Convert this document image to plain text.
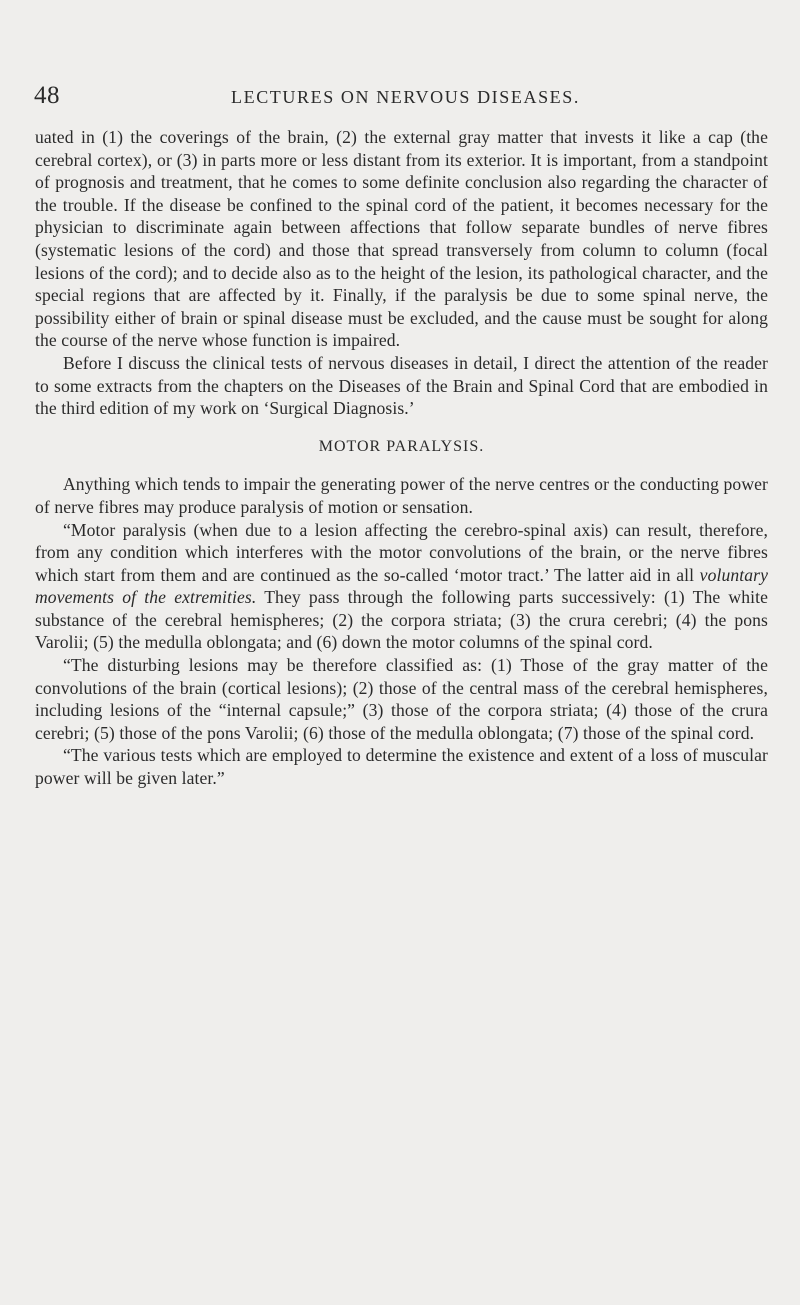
48	LECTURES ON NERVOUS DISEASES.

uated in (1) the coverings of the brain, (2) the external gray matter that invests it like a cap (the cerebral cortex), or (3) in parts more or less distant from its exterior. It is important, from a standpoint of prognosis and treatment, that he comes to some definite conclusion also regarding the character of the trouble. If the disease be confined to the spinal cord of the patient, it becomes necessary for the physician to discriminate again between affections that follow separate bundles of nerve fibres (systematic lesions of the cord) and those that spread transversely from column to column (focal lesions of the cord); and to decide also as to the height of the lesion, its pathological character, and the special regions that are affected by it. Finally, if the paralysis be due to some spinal nerve, the possibility either of brain or spinal disease must be excluded, and the cause must be sought for along the course of the nerve whose function is impaired.

Before I discuss the clinical tests of nervous diseases in detail, I direct the attention of the reader to some extracts from the chapters on the Diseases of the Brain and Spinal Cord that are embodied in the third edition of my work on ‘Surgical Diagnosis.’

MOTOR PARALYSIS.

Anything which tends to impair the generating power of the nerve centres or the conducting power of nerve fibres may produce paralysis of motion or sensation.

“Motor paralysis (when due to a lesion affecting the cerebro-spinal axis) can result, therefore, from any condition which interferes with the motor convolutions of the brain, or the nerve fibres which start from them and are continued as the so-called ‘motor tract.’ The latter aid in all voluntary movements of the extremities. They pass through the following parts successively: (1) The white substance of the cerebral hemispheres; (2) the corpora striata; (3) the crura cerebri; (4) the pons Varolii; (5) the medulla oblongata; and (6) down the motor columns of the spinal cord.

“The disturbing lesions may be therefore classified as: (1) Those of the gray matter of the convolutions of the brain (cortical lesions); (2) those of the central mass of the cerebral hemispheres, including lesions of the “internal capsule;” (3) those of the corpora striata; (4) those of the crura cerebri; (5) those of the pons Varolii; (6) those of the medulla oblongata; (7) those of the spinal cord.

“The various tests which are employed to determine the existence and extent of a loss of muscular power will be given later.”
